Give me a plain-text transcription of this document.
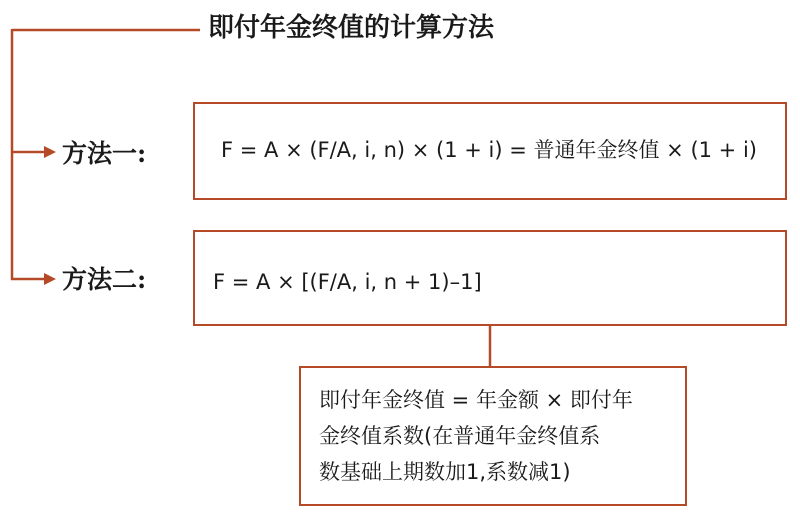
即付年金终值的计算方法
方法一:
方法二:
F = A × (F/A, i, n) × (1 + i) = 普通年金终值 × (1 + i)
F = A × [(F/A, i, n + 1)–1]
即付年金终值 = 年金额 × 即付年
金终值系数(在普通年金终值系
数基础上期数加1,系数减1)
